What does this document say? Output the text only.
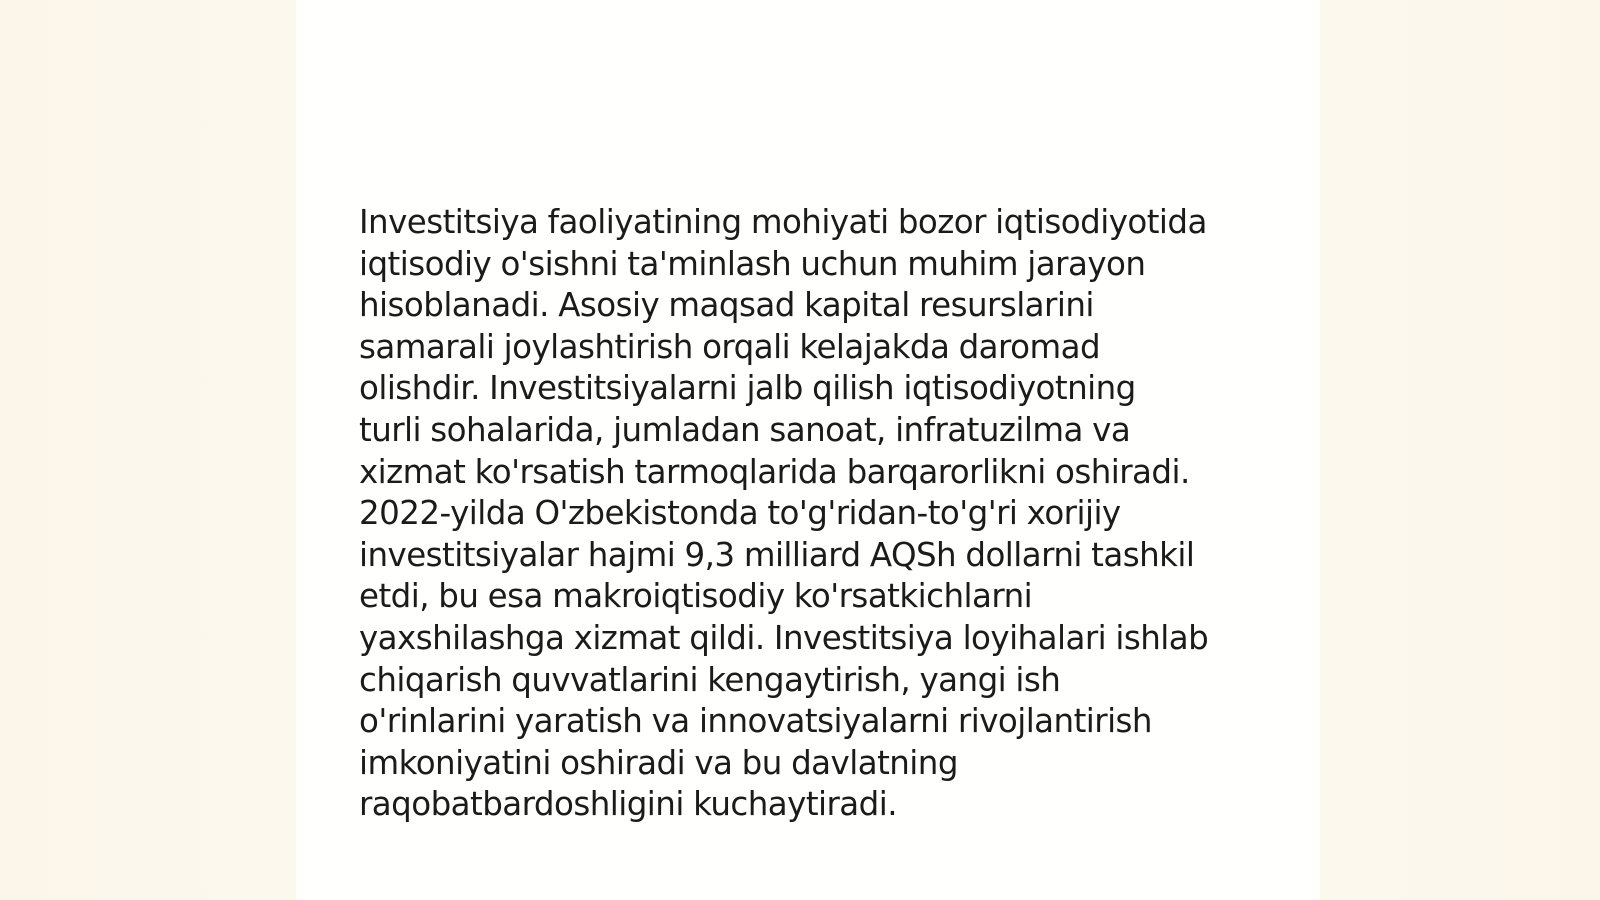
Investitsiya faoliyatining mohiyati bozor iqtisodiyotida
iqtisodiy o'sishni ta'minlash uchun muhim jarayon
hisoblanadi. Asosiy maqsad kapital resurslarini
samarali joylashtirish orqali kelajakda daromad
olishdir. Investitsiyalarni jalb qilish iqtisodiyotning
turli sohalarida, jumladan sanoat, infratuzilma va
xizmat ko'rsatish tarmoqlarida barqarorlikni oshiradi.
2022-yilda O'zbekistonda to'g'ridan-to'g'ri xorijiy
investitsiyalar hajmi 9,3 milliard AQSh dollarni tashkil
etdi, bu esa makroiqtisodiy ko'rsatkichlarni
yaxshilashga xizmat qildi. Investitsiya loyihalari ishlab
chiqarish quvvatlarini kengaytirish, yangi ish
o'rinlarini yaratish va innovatsiyalarni rivojlantirish
imkoniyatini oshiradi va bu davlatning
raqobatbardoshligini kuchaytiradi.
